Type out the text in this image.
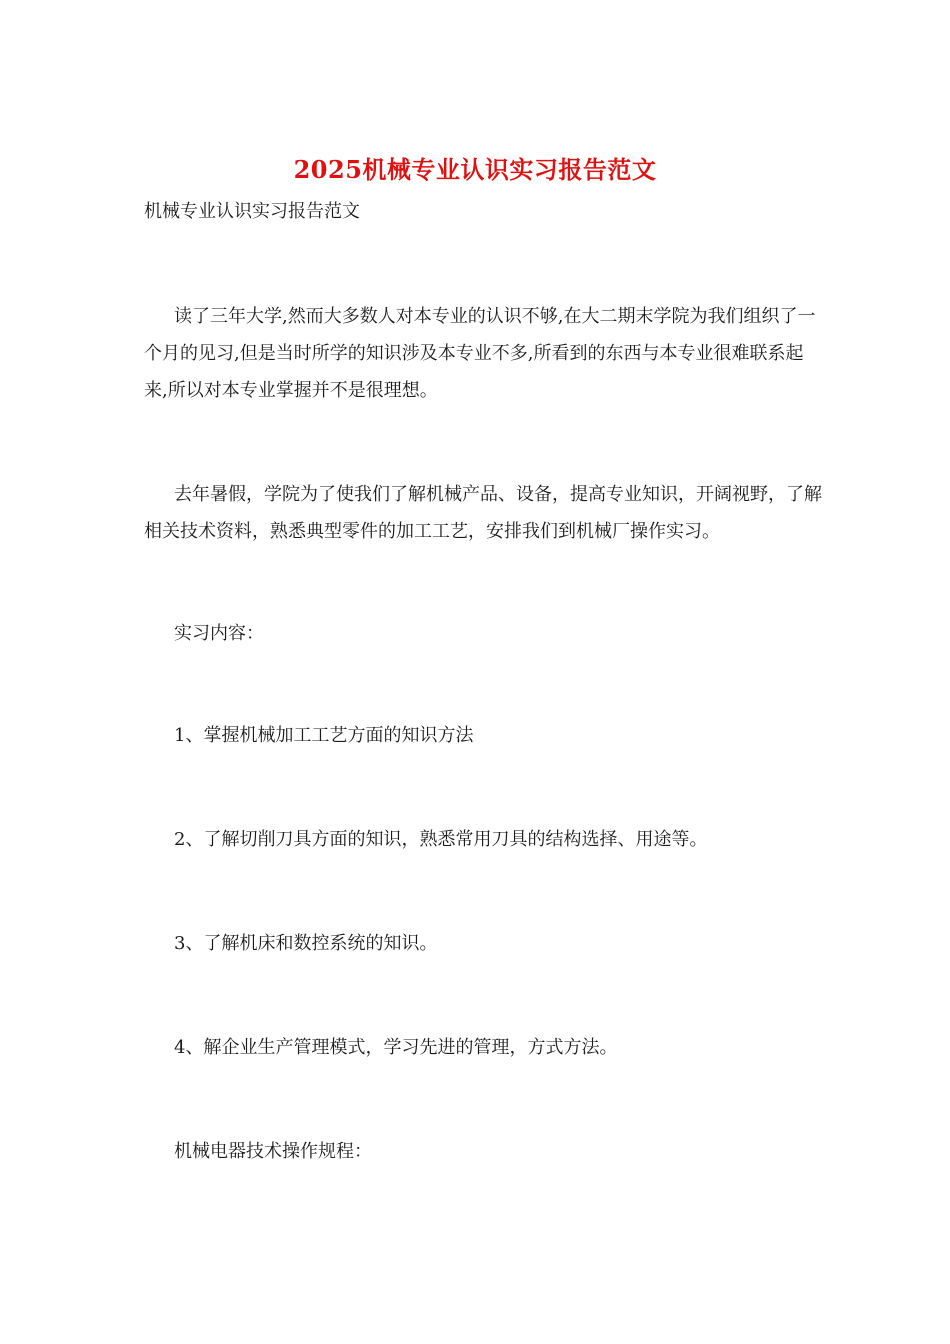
2025机械专业认识实习报告范文
机械专业认识实习报告范文

读了三年大学,然而大多数人对本专业的认识不够,在大二期末学院为我们组织了一个月的见习,但是当时所学的知识涉及本专业不多,所看到的东西与本专业很难联系起来,所以对本专业掌握并不是很理想。

去年暑假，学院为了使我们了解机械产品、设备，提高专业知识，开阔视野，了解相关技术资料，熟悉典型零件的加工工艺，安排我们到机械厂操作实习。

实习内容：
1、掌握机械加工工艺方面的知识方法
2、了解切削刀具方面的知识，熟悉常用刀具的结构选择、用途等。
3、了解机床和数控系统的知识。
4、解企业生产管理模式，学习先进的管理，方式方法。
机械电器技术操作规程：
